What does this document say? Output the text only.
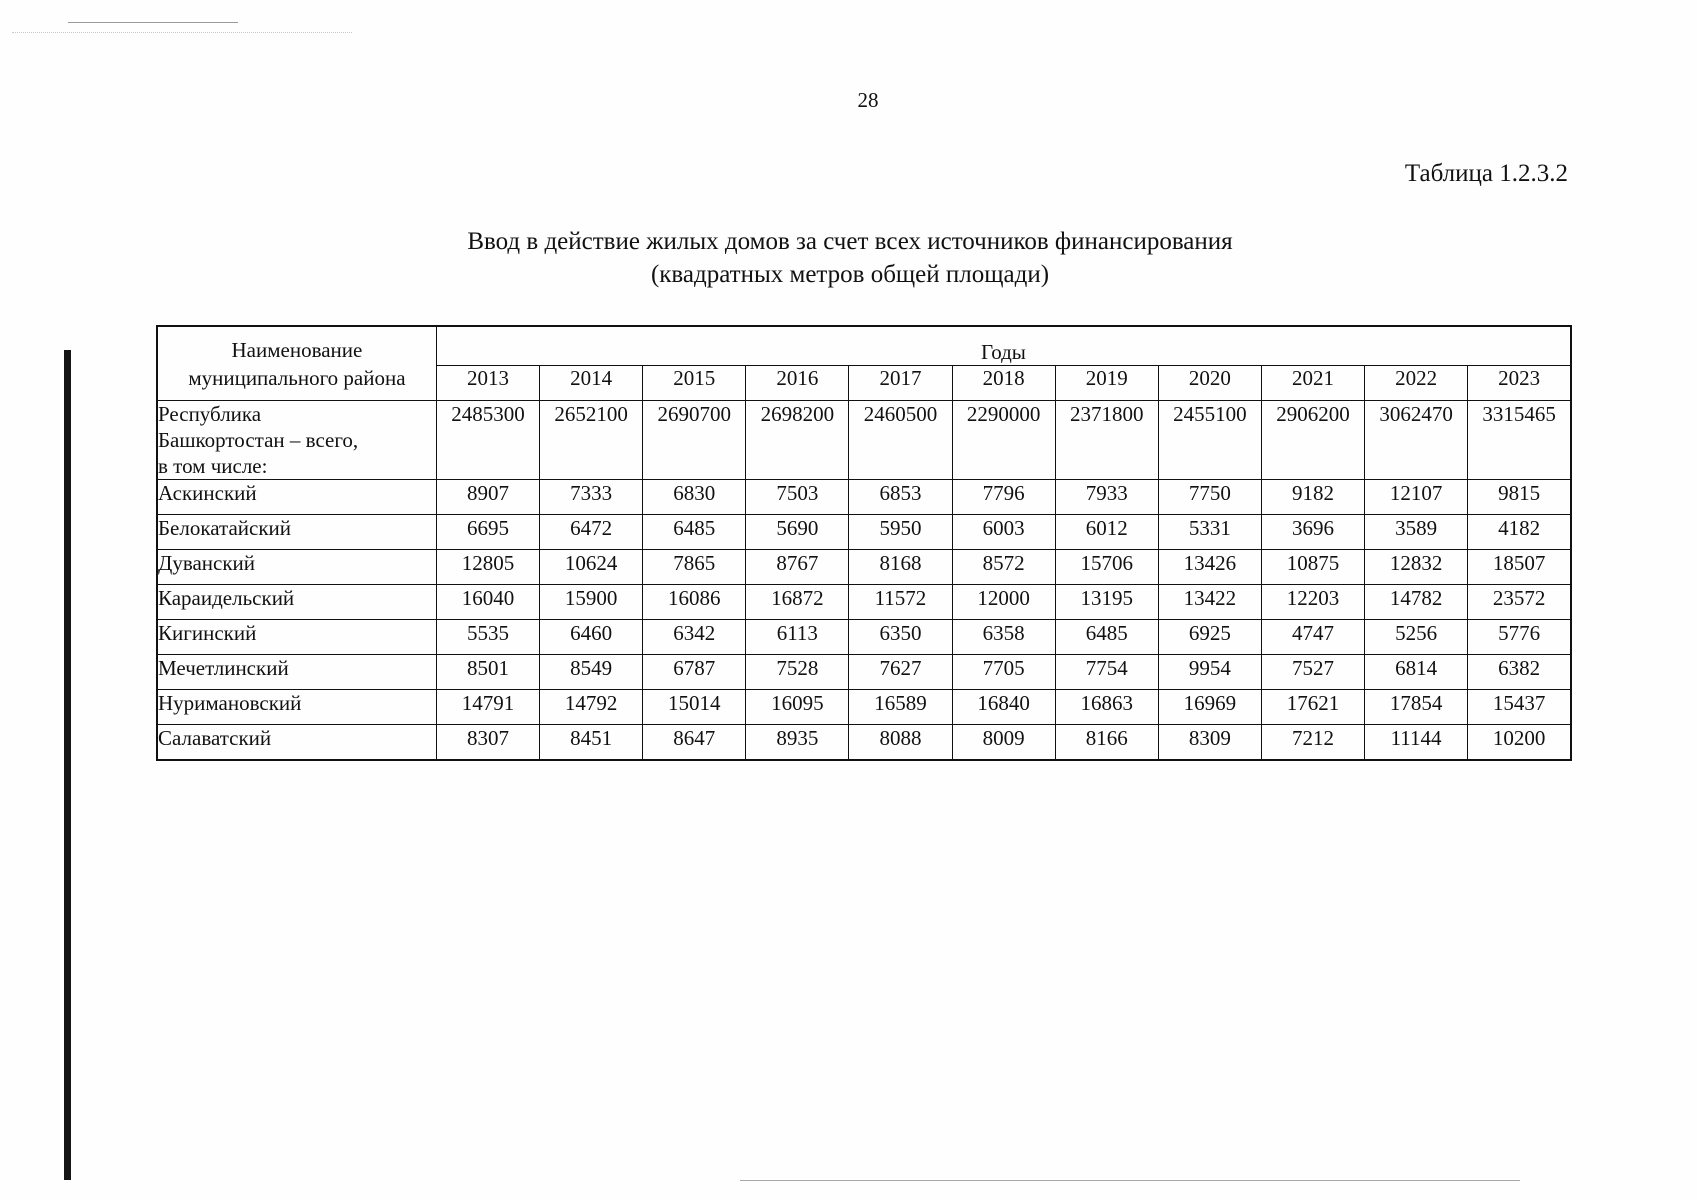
28
Таблица 1.2.3.2
Ввод в действие жилых домов за счет всех источников финансирования
(квадратных метров общей площади)
Наименование
муниципального района	Годы										
	2013	2014	2015	2016	2017	2018	2019	2020	2021	2022	2023

Республика
Башкортостан – всего,
в том числе:	2485300	2652100	2690700	2698200	2460500	2290000	2371800	2455100	2906200	3062470	3315465
Аскинский	8907	7333	6830	7503	6853	7796	7933	7750	9182	12107	9815
Белокатайский	6695	6472	6485	5690	5950	6003	6012	5331	3696	3589	4182
Дуванский	12805	10624	7865	8767	8168	8572	15706	13426	10875	12832	18507
Караидельский	16040	15900	16086	16872	11572	12000	13195	13422	12203	14782	23572
Кигинский	5535	6460	6342	6113	6350	6358	6485	6925	4747	5256	5776
Мечетлинский	8501	8549	6787	7528	7627	7705	7754	9954	7527	6814	6382
Нуримановский	14791	14792	15014	16095	16589	16840	16863	16969	17621	17854	15437
Салаватский	8307	8451	8647	8935	8088	8009	8166	8309	7212	11144	10200
